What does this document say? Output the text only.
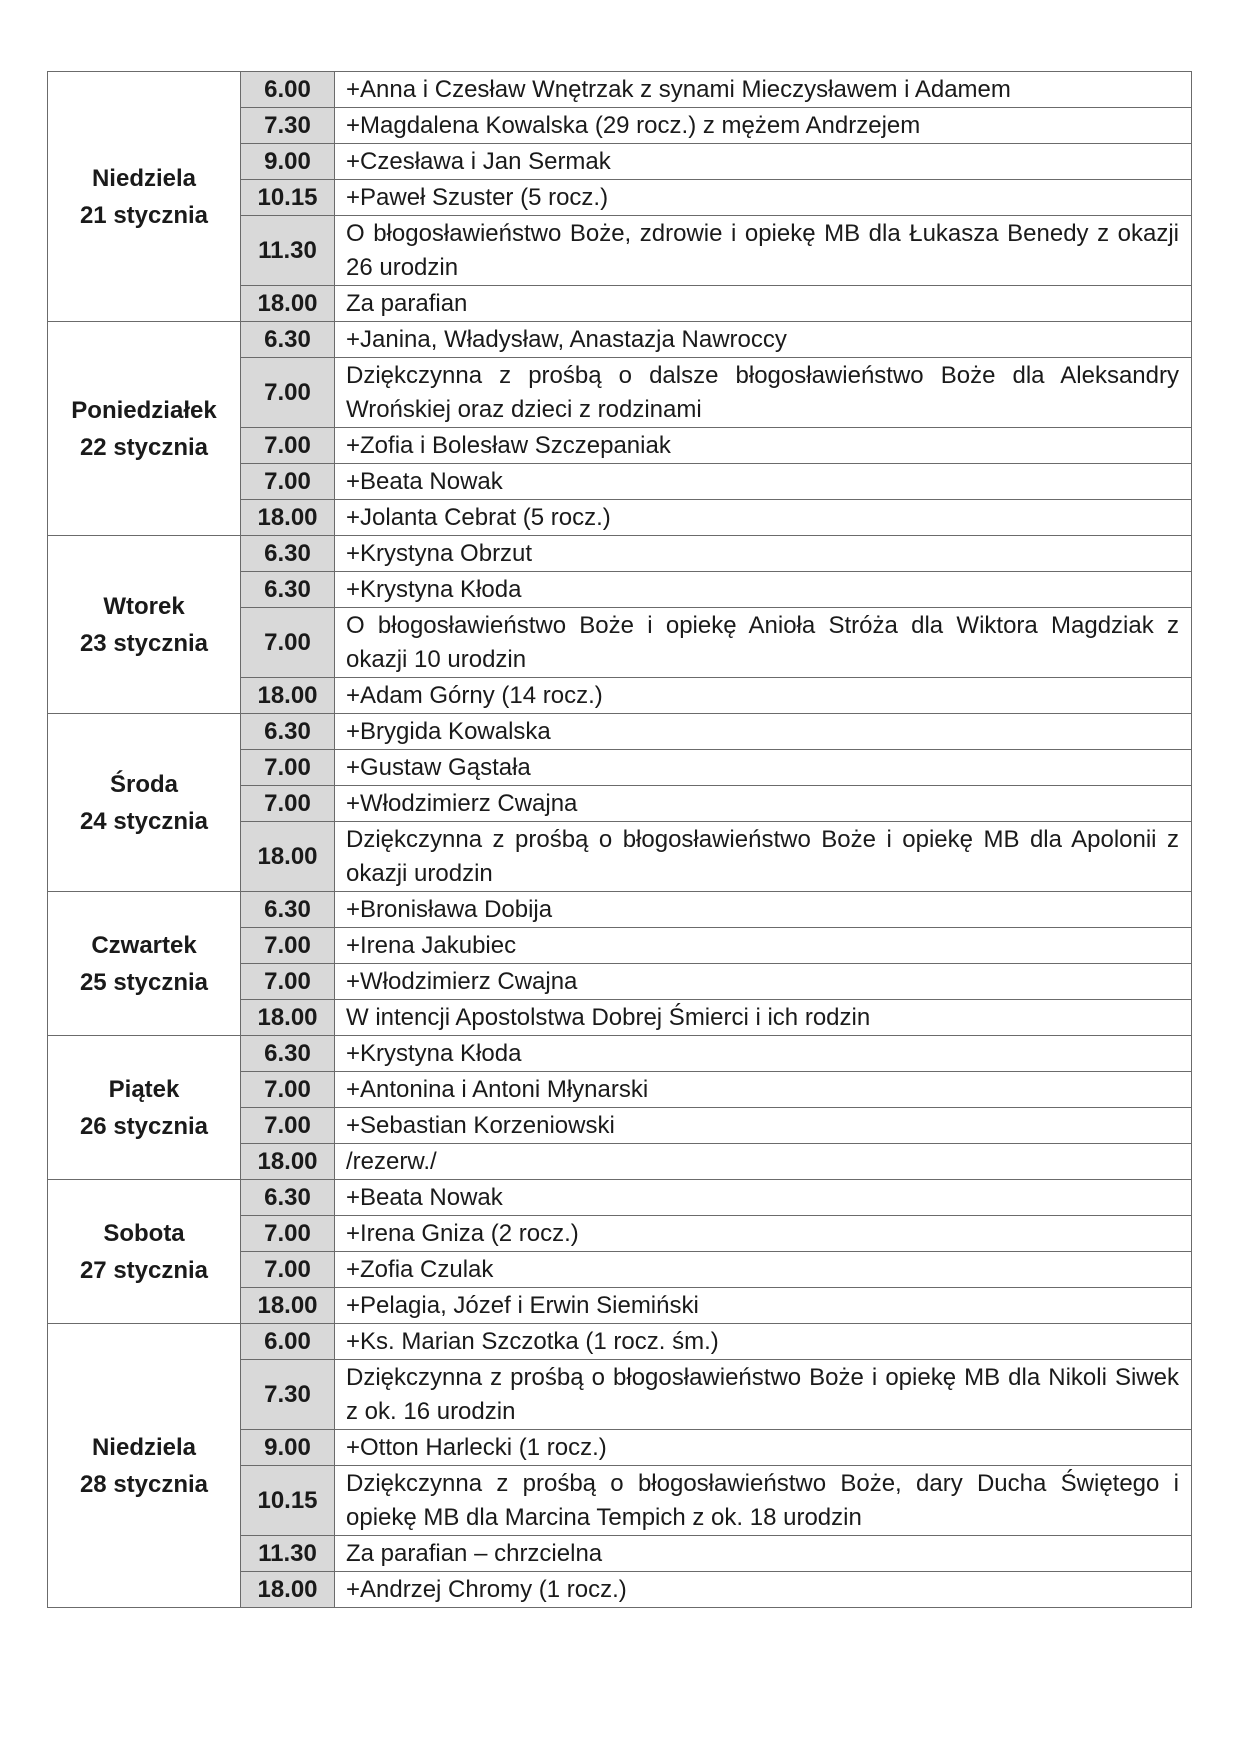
Niedziela
21 stycznia	6.00	+Anna i Czesław Wnętrzak z synami Mieczysławem i Adamem
	7.30	+Magdalena Kowalska (29 rocz.) z mężem Andrzejem
	9.00	+Czesława i Jan Sermak
	10.15	+Paweł Szuster (5 rocz.)
	11.30	O błogosławieństwo Boże, zdrowie i opiekę MB dla Łukasza Benedy z okazji 26 urodzin
	18.00	Za parafian

Poniedziałek
22 stycznia	6.30	+Janina, Władysław, Anastazja Nawroccy
	7.00	Dziękczynna z prośbą o dalsze błogosławieństwo Boże dla Aleksandry Wrońskiej oraz dzieci z rodzinami
	7.00	+Zofia i Bolesław Szczepaniak
	7.00	+Beata Nowak
	18.00	+Jolanta Cebrat (5 rocz.)

Wtorek
23 stycznia	6.30	+Krystyna Obrzut
	6.30	+Krystyna Kłoda
	7.00	O błogosławieństwo Boże i opiekę Anioła Stróża dla Wiktora Magdziak z okazji 10 urodzin
	18.00	+Adam Górny (14 rocz.)

Środa
24 stycznia	6.30	+Brygida Kowalska
	7.00	+Gustaw Gąstała
	7.00	+Włodzimierz Cwajna
	18.00	Dziękczynna z prośbą o błogosławieństwo Boże i opiekę MB dla Apolonii z okazji urodzin

Czwartek
25 stycznia	6.30	+Bronisława Dobija
	7.00	+Irena Jakubiec
	7.00	+Włodzimierz Cwajna
	18.00	W intencji Apostolstwa Dobrej Śmierci i ich rodzin

Piątek
26 stycznia	6.30	+Krystyna Kłoda
	7.00	+Antonina i Antoni Młynarski
	7.00	+Sebastian Korzeniowski
	18.00	/rezerw./

Sobota
27 stycznia	6.30	+Beata Nowak
	7.00	+Irena Gniza (2 rocz.)
	7.00	+Zofia Czulak
	18.00	+Pelagia, Józef i Erwin Siemiński

Niedziela
28 stycznia	6.00	+Ks. Marian Szczotka (1 rocz. śm.)
	7.30	Dziękczynna z prośbą o błogosławieństwo Boże i opiekę MB dla Nikoli Siwek z ok. 16 urodzin
	9.00	+Otton Harlecki (1 rocz.)
	10.15	Dziękczynna z prośbą o błogosławieństwo Boże, dary Ducha Świętego i opiekę MB dla Marcina Tempich z ok. 18 urodzin
	11.30	Za parafian – chrzcielna
	18.00	+Andrzej Chromy (1 rocz.)
